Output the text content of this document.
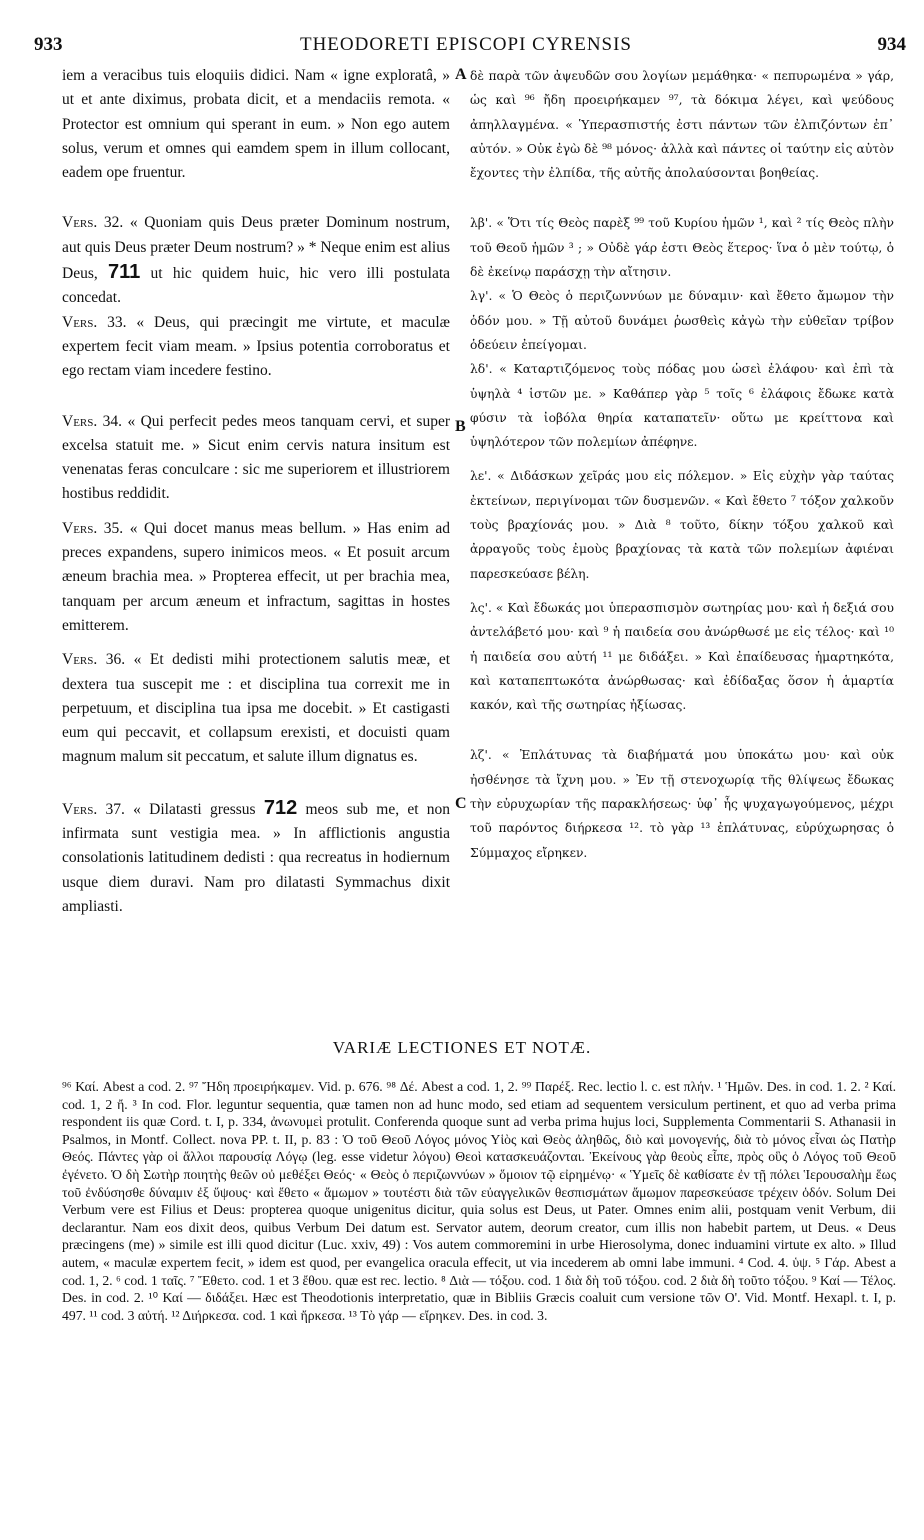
933	THEODORETI EPISCOPI CYRENSIS	934

iem a veracibus tuis eloquiis didici. Nam « igne exploratâ, » ut et ante diximus, probata dicit, et a mendaciis remota. « Protector est omnium qui sperant in eum. » Non ego autem solus, verum et omnes qui eamdem spem in illum collocant, eadem ope fruentur.

Vers. 32. « Quoniam quis Deus præter Dominum nostrum, aut quis Deus præter Deum nostrum? » * Neque enim est alius Deus, 711 ut hic quidem huic, hic vero illi postulata concedat.

Vers. 33. « Deus, qui præcingit me virtute, et maculæ expertem fecit viam meam. » Ipsius potentia corroboratus et ego rectam viam incedere festino.

Vers. 34. « Qui perfecit pedes meos tanquam cervi, et super excelsa statuit me. » Sicut enim cervis natura insitum est venenatas feras conculcare : sic me superiorem et illustriorem hostibus reddidit.

Vers. 35. « Qui docet manus meas bellum. » Has enim ad preces expandens, supero inimicos meos. « Et posuit arcum æneum brachia mea. » Propterea effecit, ut per brachia mea, tanquam per arcum æneum et infractum, sagittas in hostes emitterem.

Vers. 36. « Et dedisti mihi protectionem salutis meæ, et dextera tua suscepit me : et disciplina tua correxit me in perpetuum, et disciplina tua ipsa me docebit. » Et castigasti eum qui peccavit, et collapsum erexisti, et docuisti quam magnum malum sit peccatum, et salute illum dignatus es.

Vers. 37. « Dilatasti gressus 712 meos sub me, et non infirmata sunt vestigia mea. » In afflictionis angustia consolationis latitudinem dedisti : qua recreatus in hodiernum usque diem duravi. Nam pro dilatasti Symmachus dixit ampliasti.

A
B
C

δὲ παρὰ τῶν ἀψευδῶν σου λογίων μεμάθηκα· « πεπυρωμένα » γάρ, ὡς καὶ ⁹⁶ ἤδη προειρήκαμεν ⁹⁷, τὰ δόκιμα λέγει, καὶ ψεύδους ἀπηλλαγμένα. « Ὑπερασπιστής ἐστι πάντων τῶν ἐλπιζόντων ἐπ᾽ αὐτόν. » Οὐκ ἐγὼ δὲ ⁹⁸ μόνος· ἀλλὰ καὶ πάντες οἱ ταύτην εἰς αὐτὸν ἔχοντες τὴν ἐλπίδα, τῆς αὐτῆς ἀπολαύσονται βοηθείας.

λβ'. « Ὅτι τίς Θεὸς παρὲξ ⁹⁹ τοῦ Κυρίου ἡμῶν ¹, καὶ ² τίς Θεὸς πλὴν τοῦ Θεοῦ ἡμῶν ³ ; » Οὐδὲ γάρ ἐστι Θεὸς ἕτερος· ἵνα ὁ μὲν τούτῳ, ὁ δὲ ἐκείνῳ παράσχῃ τὴν αἴτησιν.

λγ'. « Ὁ Θεὸς ὁ περιζωννύων με δύναμιν· καὶ ἔθετο ἄμωμον τὴν ὁδόν μου. » Τῇ αὐτοῦ δυνάμει ῥωσθεὶς κἀγὼ τὴν εὐθεῖαν τρίβον ὁδεύειν ἐπείγομαι.

λδ'. « Καταρτιζόμενος τοὺς πόδας μου ὡσεὶ ἐλάφου· καὶ ἐπὶ τὰ ὑψηλὰ ⁴ ἱστῶν με. » Καθάπερ γὰρ ⁵ τοῖς ⁶ ἐλάφοις ἔδωκε κατὰ φύσιν τὰ ἰοβόλα θηρία καταπατεῖν· οὕτω με κρείττονα καὶ ὑψηλότερον τῶν πολεμίων ἀπέφηνε.

λε'. « Διδάσκων χεῖράς μου εἰς πόλεμον. » Εἰς εὐχὴν γὰρ ταύτας ἐκτείνων, περιγίνομαι τῶν δυσμενῶν. « Καὶ ἔθετο ⁷ τόξον χαλκοῦν τοὺς βραχίονάς μου. » Διὰ ⁸ τοῦτο, δίκην τόξου χαλκοῦ καὶ ἀρραγοῦς τοὺς ἐμοὺς βραχίονας τὰ κατὰ τῶν πολεμίων ἀφιέναι παρεσκεύασε βέλη.

λς'. « Καὶ ἔδωκάς μοι ὑπερασπισμὸν σωτηρίας μου· καὶ ἡ δεξιά σου ἀντελάβετό μου· καὶ ⁹ ἡ παιδεία σου ἀνώρθωσέ με εἰς τέλος· καὶ ¹⁰ ἡ παιδεία σου αὐτή ¹¹ με διδάξει. » Καὶ ἐπαίδευσας ἡμαρτηκότα, καὶ καταπεπτωκότα ἀνώρθωσας· καὶ ἐδίδαξας ὅσον ἡ ἁμαρτία κακόν, καὶ τῆς σωτηρίας ἠξίωσας.

λζ'. « Ἐπλάτυνας τὰ διαβήματά μου ὑποκάτω μου· καὶ οὐκ ἠσθένησε τὰ ἴχνη μου. » Ἐν τῇ στενοχωρίᾳ τῆς θλίψεως ἔδωκας τὴν εὐρυχωρίαν τῆς παρακλήσεως· ὑφ᾽ ἧς ψυχαγωγούμενος, μέχρι τοῦ παρόντος διήρκεσα ¹². τὸ γὰρ ¹³ ἐπλάτυνας, εὐρύχωρησας ὁ Σύμμαχος εἴρηκεν.

VARIÆ LECTIONES ET NOTÆ.

⁹⁶ Καί. Abest a cod. 2. ⁹⁷ Ἤδη προειρήκαμεν. Vid. p. 676. ⁹⁸ Δέ. Abest a cod. 1, 2. ⁹⁹ Παρέξ. Rec. lectio l. c. est πλήν. ¹ Ἡμῶν. Des. in cod. 1. 2. ² Καί. cod. 1, 2 ἤ. ³ In cod. Flor. leguntur sequentia, quæ tamen non ad hunc modo, sed etiam ad sequentem versiculum pertinent, et quo ad verba prima respondent iis quæ Cord. t. I, p. 334, ἀνωνυμεὶ protulit. Conferenda quoque sunt ad verba prima hujus loci, Supplementa Commentarii S. Athanasii in Psalmos, in Montf. Collect. nova PP. t. II, p. 83 : Ὁ τοῦ Θεοῦ Λόγος μόνος Υἱὸς καὶ Θεὸς ἀληθῶς, διὸ καὶ μονογενής, διὰ τὸ μόνος εἶναι ὡς Πατὴρ Θεός. Πάντες γὰρ οἱ ἄλλοι παρουσίᾳ Λόγῳ (leg. esse videtur λόγου) Θεοὶ κατασκευάζονται. Ἐκείνους γὰρ θεοὺς εἶπε, πρὸς οὓς ὁ Λόγος τοῦ Θεοῦ ἐγένετο. Ὁ δὴ Σωτὴρ ποιητὴς θεῶν οὐ μεθέξει Θεός· « Θεὸς ὁ περιζωννύων » ὅμοιον τῷ εἰρημένῳ· « Ὑμεῖς δὲ καθίσατε ἐν τῇ πόλει Ἱερουσαλὴμ ἕως τοῦ ἐνδύσησθε δύναμιν ἐξ ὕψους· καὶ ἔθετο « ἄμωμον » τουτέστι διὰ τῶν εὐαγγελικῶν θεσπισμάτων ἄμωμον παρεσκεύασε τρέχειν ὁδόν. Solum Dei Verbum vere est Filius et Deus: propterea quoque unigenitus dicitur, quia solus est Deus, ut Pater. Omnes enim alii, postquam venit Verbum, dii declarantur. Nam eos dixit deos, quibus Verbum Dei datum est. Servator autem, deorum creator, cum illis non habebit partem, ut Deus. « Deus præcingens (me) » simile est illi quod dicitur (Luc. xxiv, 49) : Vos autem commoremini in urbe Hierosolyma, donec induamini virtute ex alto. » Illud autem, « maculæ expertem fecit, » idem est quod, per evangelica oracula effecit, ut via incederem ab omni labe immuni. ⁴ Cod. 4. ὑψ. ⁵ Γάρ. Abest a cod. 1, 2. ⁶ cod. 1 ταῖς. ⁷ Ἔθετο. cod. 1 et 3 ἔθου. quæ est rec. lectio. ⁸ Διὰ — τόξου. cod. 1 διὰ δὴ τοῦ τόξου. cod. 2 διὰ δὴ τοῦτο τόξου. ⁹ Καί — Τέλος. Des. in cod. 2. ¹⁰ Καί — διδάξει. Hæc est Theodotionis interpretatio, quæ in Bibliis Græcis coaluit cum versione τῶν O'. Vid. Montf. Hexapl. t. I, p. 497. ¹¹ cod. 3 αὐτή. ¹² Διήρκεσα. cod. 1 καὶ ἤρκεσα. ¹³ Τὸ γάρ — εἴρηκεν. Des. in cod. 3.
